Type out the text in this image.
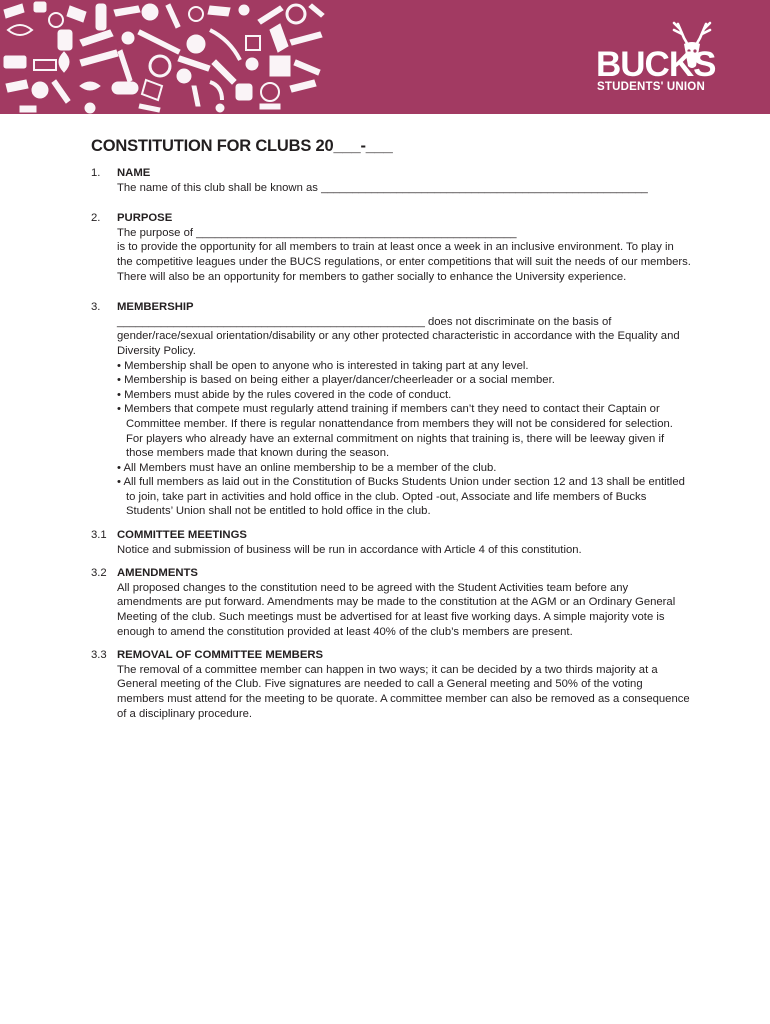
BUCKS
STUDENTS' UNION
CONSTITUTION FOR CLUBS 20___-___
1. NAME

The name of this club shall be known as ____________________________________________________

2. PURPOSE

The purpose of ___________________________________________________

is to provide the opportunity for all members to train at least once a week in an inclusive environment. To play in the competitive leagues under the BUCS regulations, or enter competitions that will suit the needs of our members. There will also be an opportunity for members to gather socially to enhance the University experience.

3. MEMBERSHIP

_________________________________________________ does not discriminate on the basis of gender/race/sexual orientation/disability or any other protected characteristic in accordance with the Equality and Diversity Policy.

• Membership shall be open to anyone who is interested in taking part at any level.

• Membership is based on being either a player/dancer/cheerleader or a social member.

• Members must abide by the rules covered in the code of conduct.

• Members that compete must regularly attend training if members can’t they need to contact their Captain or Committee member. If there is regular nonattendance from members they will not be considered for selection. For players who already have an external commitment on nights that training is, there will be leeway given if those members made that known during the season.

• All Members must have an online membership to be a member of the club.

• All full members as laid out in the Constitution of Bucks Students Union under section 12 and 13 shall be entitled to join, take part in activities and hold office in the club. Opted -out, Associate and life members of Bucks Students’ Union shall not be entitled to hold office in the club.

3.1 COMMITTEE MEETINGS

Notice and submission of business will be run in accordance with Article 4 of this constitution.

3.2 AMENDMENTS

All proposed changes to the constitution need to be agreed with the Student Activities team before any amendments are put forward. Amendments may be made to the constitution at the AGM or an Ordinary General Meeting of the club. Such meetings must be advertised for at least five working days. A simple majority vote is enough to amend the constitution provided at least 40% of the club’s members are present.

3.3 REMOVAL OF COMMITTEE MEMBERS

The removal of a committee member can happen in two ways; it can be decided by a two thirds majority at a General meeting of the Club. Five signatures are needed to call a General meeting and 50% of the voting members must attend for the meeting to be quorate. A committee member can also be removed as a consequence of a disciplinary procedure.
